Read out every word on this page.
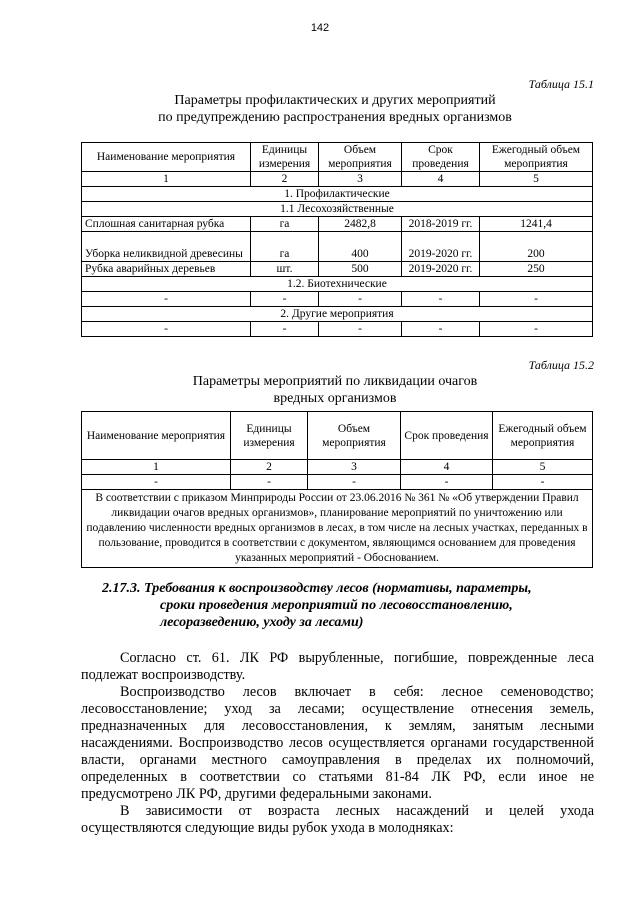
142
Таблица 15.1
Параметры профилактических и других мероприятий
по предупреждению распространения вредных организмов
Наименование мероприятия	Единицы измерения	Объем мероприятия	Срок проведения	Ежегодный объем мероприятия
1	2	3	4	5
1. Профилактические				
1.1 Лесохозяйственные				
Сплошная санитарная рубка	га	2482,8	2018-2019 гг.	1241,4
Уборка неликвидной древесины	га	400	2019-2020 гг.	200
Рубка аварийных деревьев	шт.	500	2019-2020 гг.	250
1.2. Биотехнические				
-	-	-	-	-
2. Другие мероприятия				
-	-	-	-	-
Таблица 15.2
Параметры мероприятий по ликвидации очагов
вредных организмов
Наименование мероприятия	Единицы измерения	Объем мероприятия	Срок проведения	Ежегодный объем мероприятия
1	2	3	4	5
-	-	-	-	-
В соответствии с приказом Минприроды России от 23.06.2016 № 361 № «Об утверждении Правил ликвидации очагов вредных организмов», планирование мероприятий по уничтожению или подавлению численности вредных организмов в лесах, в том числе на лесных участках, переданных в пользование, проводится в соответствии с документом, являющимся основанием для проведения указанных мероприятий - Обоснованием.				
2.17.3. Требования к воспроизводству лесов (нормативы, параметры,
сроки проведения мероприятий по лесовосстановлению,
лесоразведению, уходу за лесами)

Согласно ст. 61. ЛК РФ вырубленные, погибшие, поврежденные леса подлежат воспроизводству.

Воспроизводство лесов включает в себя: лесное семеноводство; лесовосстановление; уход за лесами; осуществление отнесения земель, предназначенных для лесовосстановления, к землям, занятым лесными насаждениями. Воспроизводство лесов осуществляется органами государственной власти, органами местного самоуправления в пределах их полномочий, определенных в соответствии со статьями 81-84 ЛК РФ, если иное не предусмотрено ЛК РФ, другими федеральными законами.

В зависимости от возраста лесных насаждений и целей ухода осуществляются следующие виды рубок ухода в молодняках:
